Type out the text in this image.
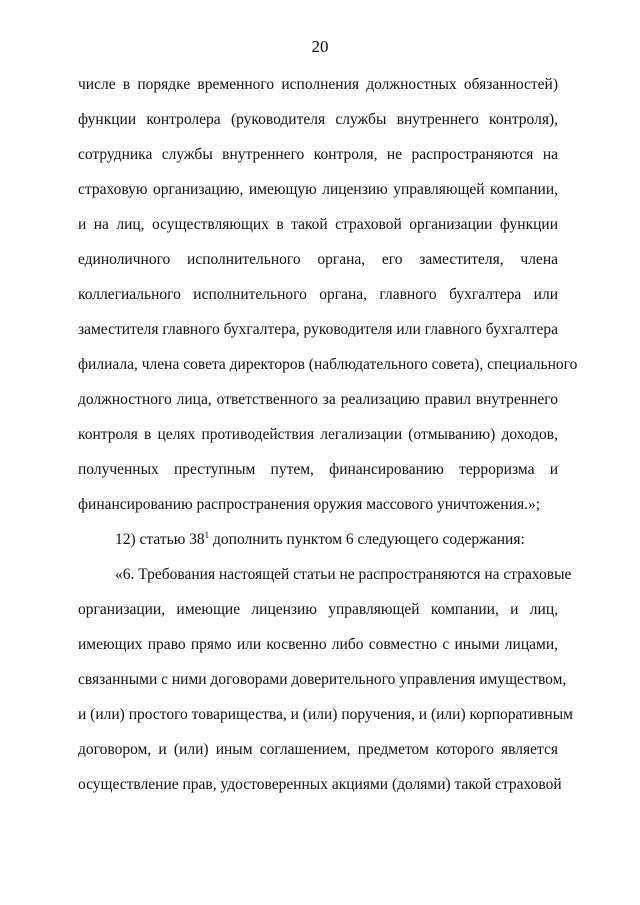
20
числе в порядке временного исполнения должностных обязанностей)
функции контролера (руководителя службы внутреннего контроля),
сотрудника службы внутреннего контроля, не распространяются на
страховую организацию, имеющую лицензию управляющей компании,
и на лиц, осуществляющих в такой страховой организации функции
единоличного исполнительного органа, его заместителя, члена
коллегиального исполнительного органа, главного бухгалтера или
заместителя главного бухгалтера, руководителя или главного бухгалтера
филиала, члена совета директоров (наблюдательного совета), специального
должностного лица, ответственного за реализацию правил внутреннего
контроля в целях противодействия легализации (отмыванию) доходов,
полученных преступным путем, финансированию терроризма и
финансированию распространения оружия массового уничтожения.»;
12) статью $38^1$ дополнить пунктом 6 следующего содержания:
«6. Требования настоящей статьи не распространяются на страховые
организации, имеющие лицензию управляющей компании, и лиц,
имеющих право прямо или косвенно либо совместно с иными лицами,
связанными с ними договорами доверительного управления имуществом,
и (или) простого товарищества, и (или) поручения, и (или) корпоративным
договором, и (или) иным соглашением, предметом которого является
осуществление прав, удостоверенных акциями (долями) такой страховой
